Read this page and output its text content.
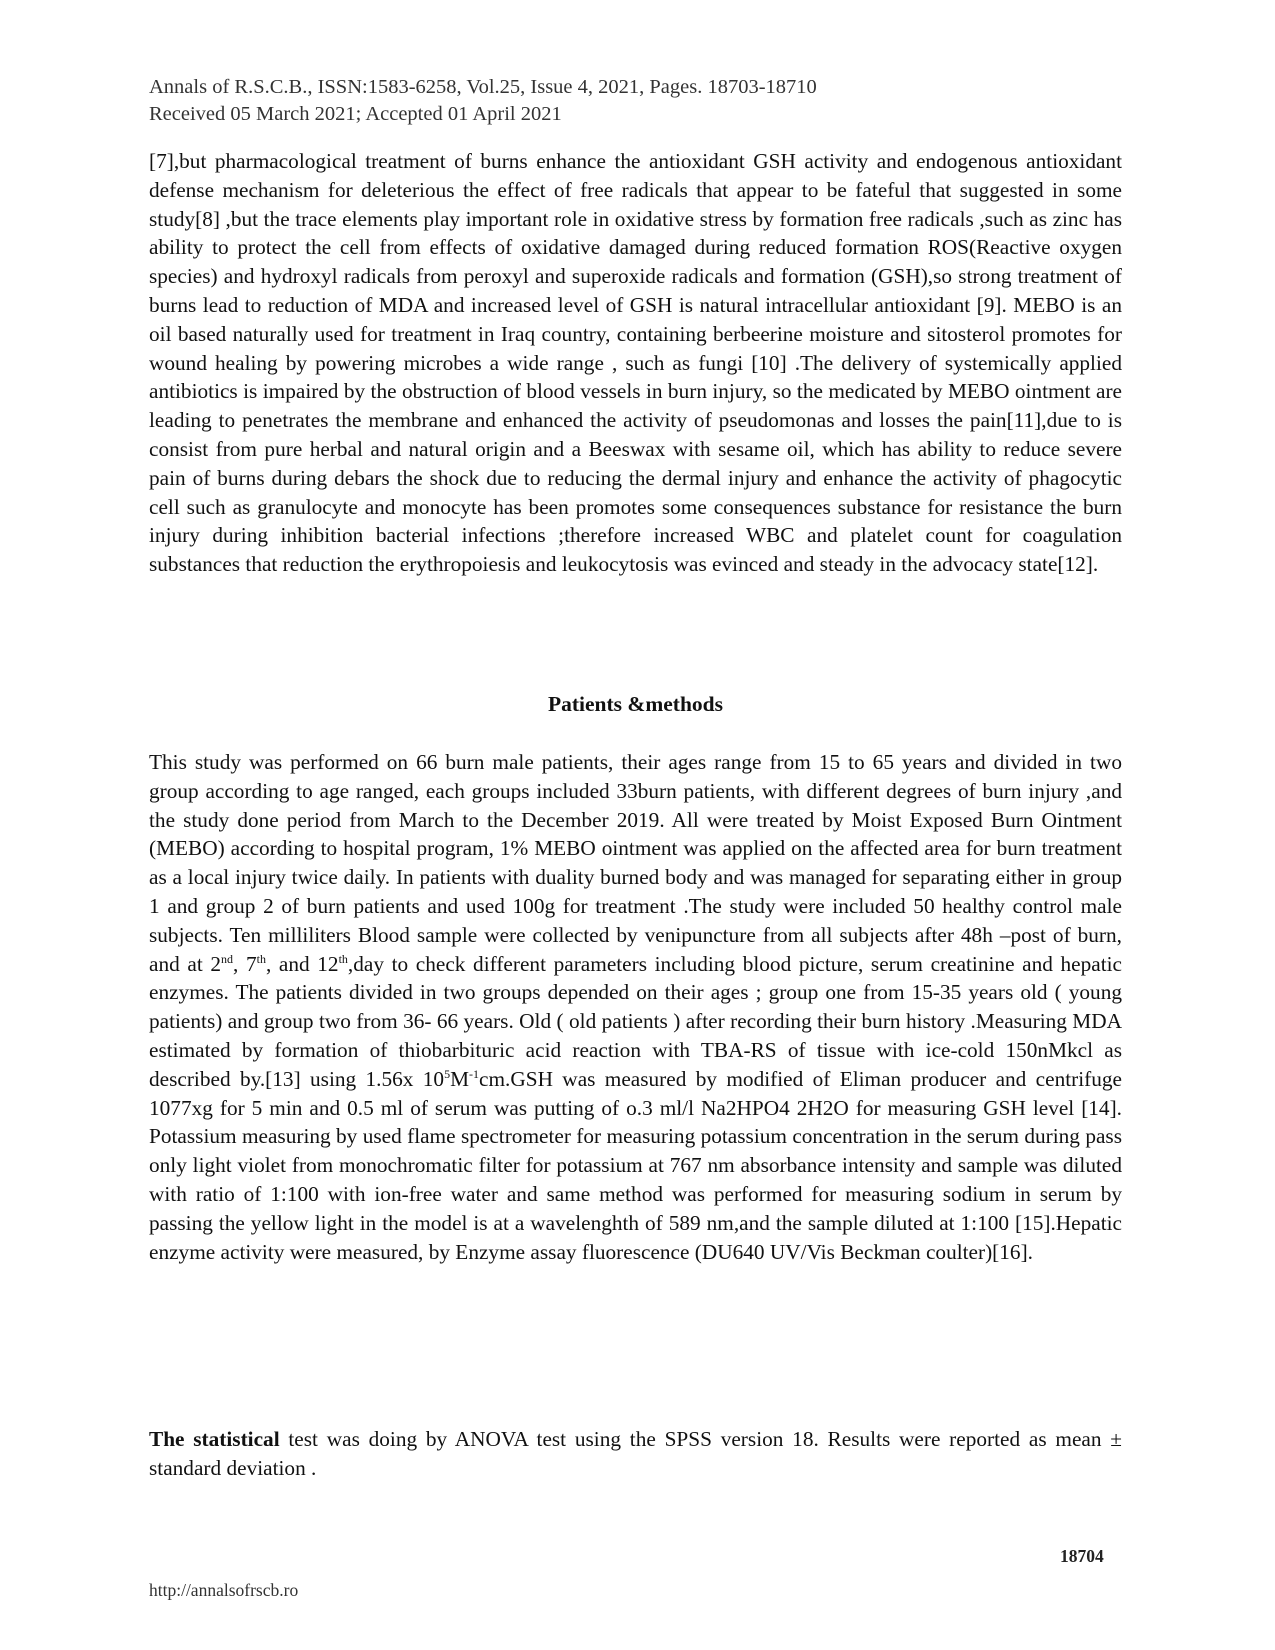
Annals of R.S.C.B., ISSN:1583-6258, Vol.25, Issue 4, 2021, Pages. 18703-18710
Received 05 March 2021; Accepted 01 April 2021

[7],but pharmacological treatment of burns enhance the antioxidant GSH activity and endogenous antioxidant defense mechanism for deleterious the effect of free radicals that appear to be fateful that suggested in some study[8] ,but the trace elements play important role in oxidative stress by formation free radicals ,such as zinc has ability to protect the cell from effects of oxidative damaged during reduced formation ROS(Reactive oxygen species) and hydroxyl radicals from peroxyl and superoxide radicals and formation (GSH),so strong treatment of burns lead to reduction of MDA and increased level of GSH is natural intracellular antioxidant [9]. MEBO is an oil based naturally used for treatment in Iraq country, containing berbeerine moisture and sitosterol promotes for wound healing by powering microbes a wide range , such as fungi [10] .The delivery of systemically applied antibiotics is impaired by the obstruction of blood vessels in burn injury, so the medicated by MEBO ointment are leading to penetrates the membrane and enhanced the activity of pseudomonas and losses the pain[11],due to is consist from pure herbal and natural origin and a Beeswax with sesame oil, which has ability to reduce severe pain of burns during debars the shock due to reducing the dermal injury and enhance the activity of phagocytic cell such as granulocyte and monocyte has been promotes some consequences substance for resistance the burn injury during inhibition bacterial infections ;therefore increased WBC and platelet count for coagulation substances that reduction the erythropoiesis and leukocytosis was evinced and steady in the advocacy state[12].

Patients &methods

This study was performed on 66 burn male patients, their ages range from 15 to 65 years and divided in two group according to age ranged, each groups included 33burn patients, with different degrees of burn injury ,and the study done period from March to the December 2019. All were treated by Moist Exposed Burn Ointment (MEBO) according to hospital program, 1% MEBO ointment was applied on the affected area for burn treatment as a local injury twice daily. In patients with duality burned body and was managed for separating either in group 1 and group 2 of burn patients and used 100g for treatment .The study were included 50 healthy control male subjects. Ten milliliters Blood sample were collected by venipuncture from all subjects after 48h –post of burn, and at 2nd, 7th, and 12th,day to check different parameters including blood picture, serum creatinine and hepatic enzymes. The patients divided in two groups depended on their ages ; group one from 15-35 years old ( young patients) and group two from 36- 66 years. Old ( old patients ) after recording their burn history .Measuring MDA estimated by formation of thiobarbituric acid reaction with TBA-RS of tissue with ice-cold 150nMkcl as described by.[13] using 1.56x $10^5M^{-1}cm.GSH$ was measured by modified of Eliman producer and centrifuge 1077xg for 5 min and 0.5 ml of serum was putting of o.3 ml/l Na2HPO4 2H2O for measuring GSH level [14]. Potassium measuring by used flame spectrometer for measuring potassium concentration in the serum during pass only light violet from monochromatic filter for potassium at 767 nm absorbance intensity and sample was diluted with ratio of 1:100 with ion-free water and same method was performed for measuring sodium in serum by passing the yellow light in the model is at a wavelenghth of 589 nm,and the sample diluted at 1:100 [15].Hepatic enzyme activity were measured, by Enzyme assay fluorescence (DU640 UV/Vis Beckman coulter)[16].

The statistical test was doing by ANOVA test using the SPSS version 18. Results were reported as mean ± standard deviation .

http://annalsofrscb.ro
18704
